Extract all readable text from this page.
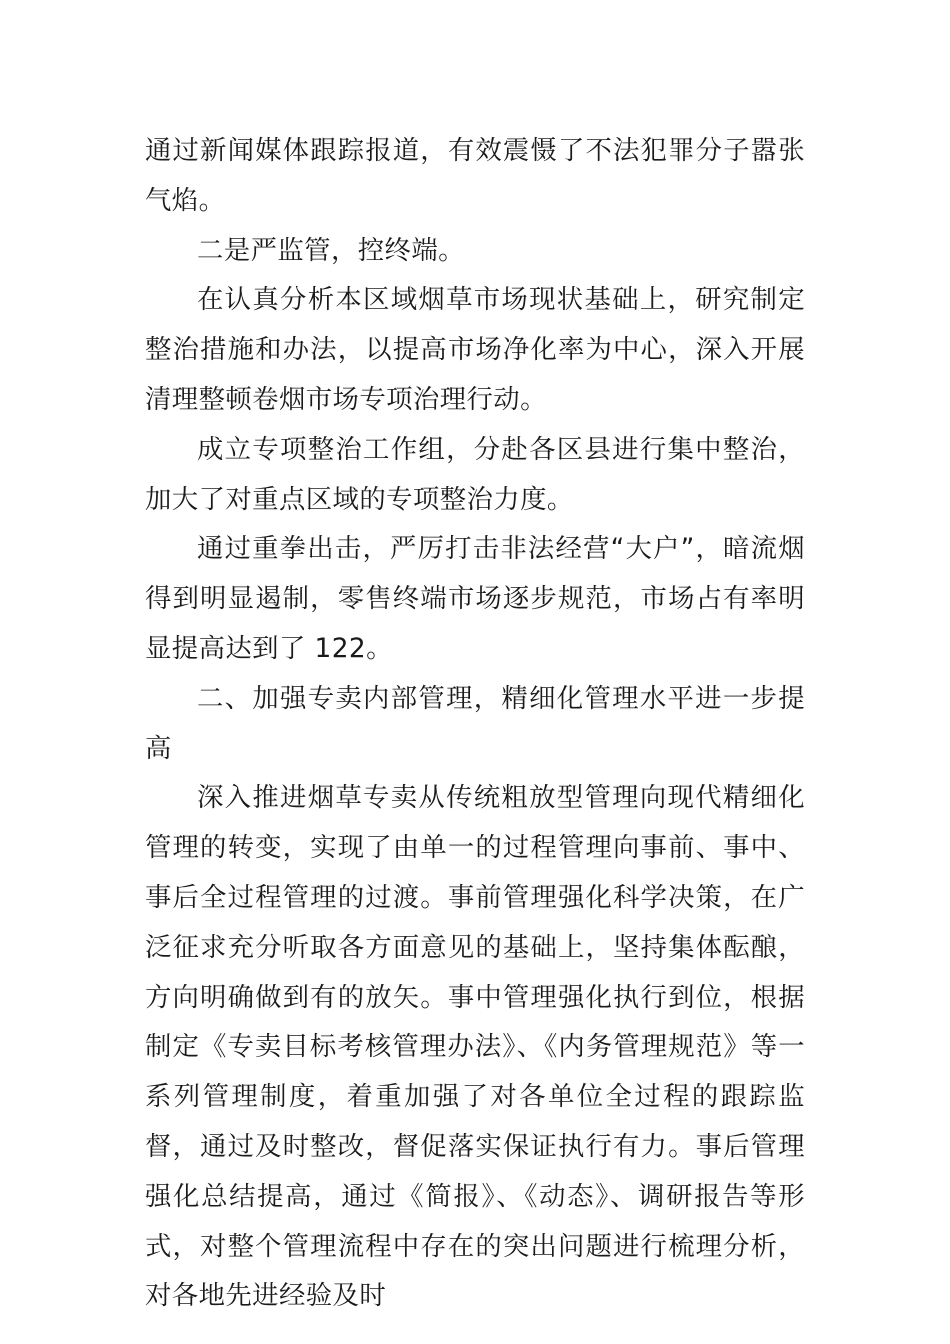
通过新闻媒体跟踪报道，有效震慑了不法犯罪分子嚣张气焰。

二是严监管，控终端。

在认真分析本区域烟草市场现状基础上，研究制定整治措施和办法，以提高市场净化率为中心，深入开展清理整顿卷烟市场专项治理行动。

成立专项整治工作组，分赴各区县进行集中整治，加大了对重点区域的专项整治力度。

通过重拳出击，严厉打击非法经营“大户”，暗流烟得到明显遏制，零售终端市场逐步规范，市场占有率明显提高达到了 122。

二、加强专卖内部管理，精细化管理水平进一步提高

深入推进烟草专卖从传统粗放型管理向现代精细化管理的转变，实现了由单一的过程管理向事前、事中、事后全过程管理的过渡。事前管理强化科学决策，在广泛征求充分听取各方面意见的基础上，坚持集体酝酿，方向明确做到有的放矢。事中管理强化执行到位，根据制定《专卖目标考核管理办法》、《内务管理规范》等一系列管理制度，着重加强了对各单位全过程的跟踪监督，通过及时整改，督促落实保证执行有力。事后管理强化总结提高，通过《简报》、《动态》、调研报告等形式，对整个管理流程中存在的突出问题进行梳理分析，对各地先进经验及时
